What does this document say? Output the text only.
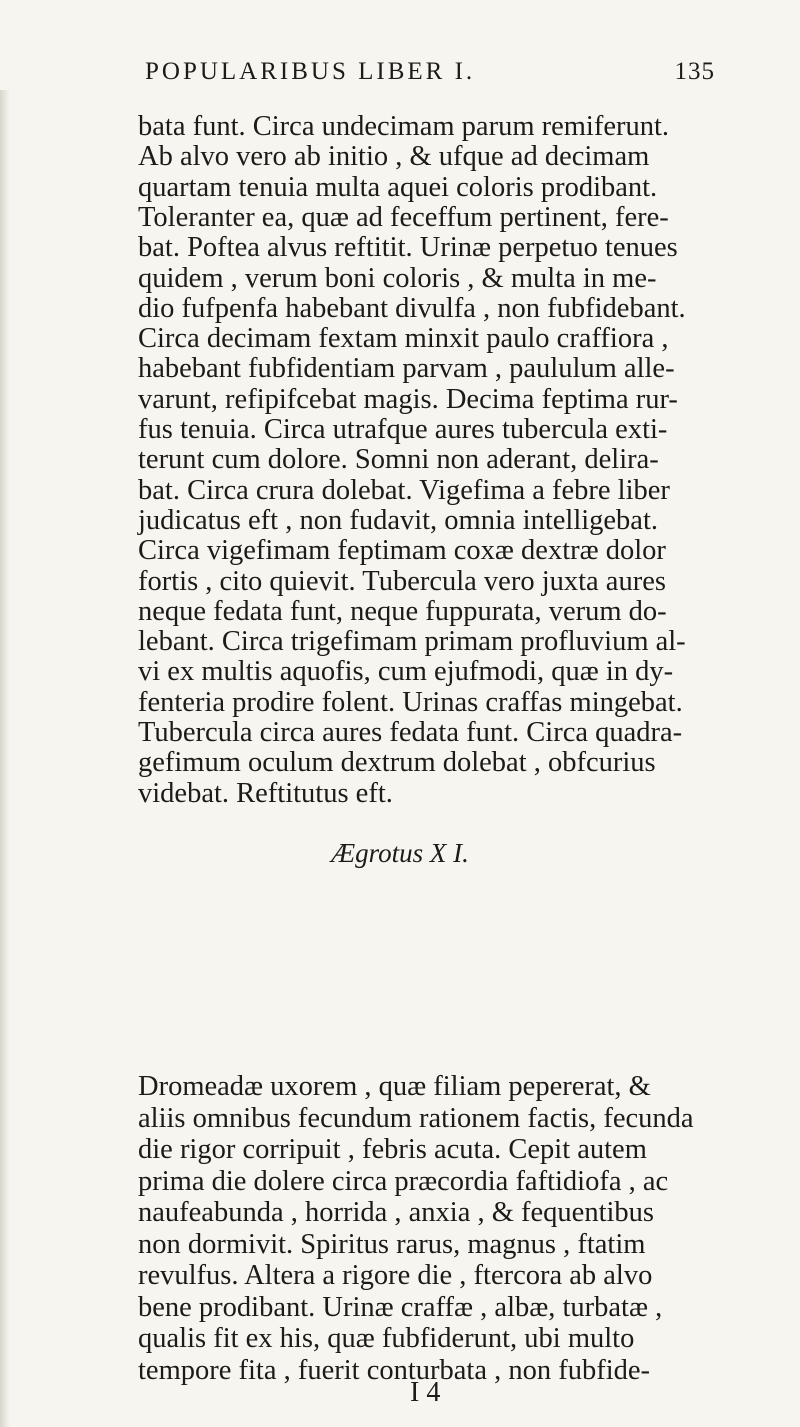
POPULARIBUS LIBER I.	135
bata funt. Circa undecimam parum remiferunt.
Ab alvo vero ab initio , & ufque ad decimam
quartam tenuia multa aquei coloris prodibant.
Toleranter ea, quæ ad feceffum pertinent, fere-
bat. Poftea alvus reftitit. Urinæ perpetuo tenues
quidem , verum boni coloris , & multa in me-
dio fufpenfa habebant divulfa , non fubfidebant.
Circa decimam fextam minxit paulo craffiora ,
habebant fubfidentiam parvam , paululum alle-
varunt, refipifcebat magis. Decima feptima rur-
fus tenuia. Circa utrafque aures tubercula exti-
terunt cum dolore. Somni non aderant, delira-
bat. Circa crura dolebat. Vigefima a febre liber
judicatus eft , non fudavit, omnia intelligebat.
Circa vigefimam feptimam coxæ dextræ dolor
fortis , cito quievit. Tubercula vero juxta aures
neque fedata funt, neque fuppurata, verum do-
lebant. Circa trigefimam primam profluvium al-
vi ex multis aquofis, cum ejufmodi, quæ in dy-
fenteria prodire folent. Urinas craffas mingebat.
Tubercula circa aures fedata funt. Circa quadra-
gefimum oculum dextrum dolebat , obfcurius
videbat. Reftitutus eft.
Ægrotus X I.
Dromeadæ uxorem , quæ filiam pepererat, &
aliis omnibus fecundum rationem factis, fecunda
die rigor corripuit , febris acuta. Cepit autem
prima die dolere circa præcordia faftidiofa , ac
naufeabunda , horrida , anxia , & fequentibus
non dormivit. Spiritus rarus, magnus , ftatim
revulfus. Altera a rigore die , ftercora ab alvo
bene prodibant. Urinæ craffæ , albæ, turbatæ ,
qualis fit ex his, quæ fubfiderunt, ubi multo
tempore fita , fuerit conturbata , non fubfide-
I 4
